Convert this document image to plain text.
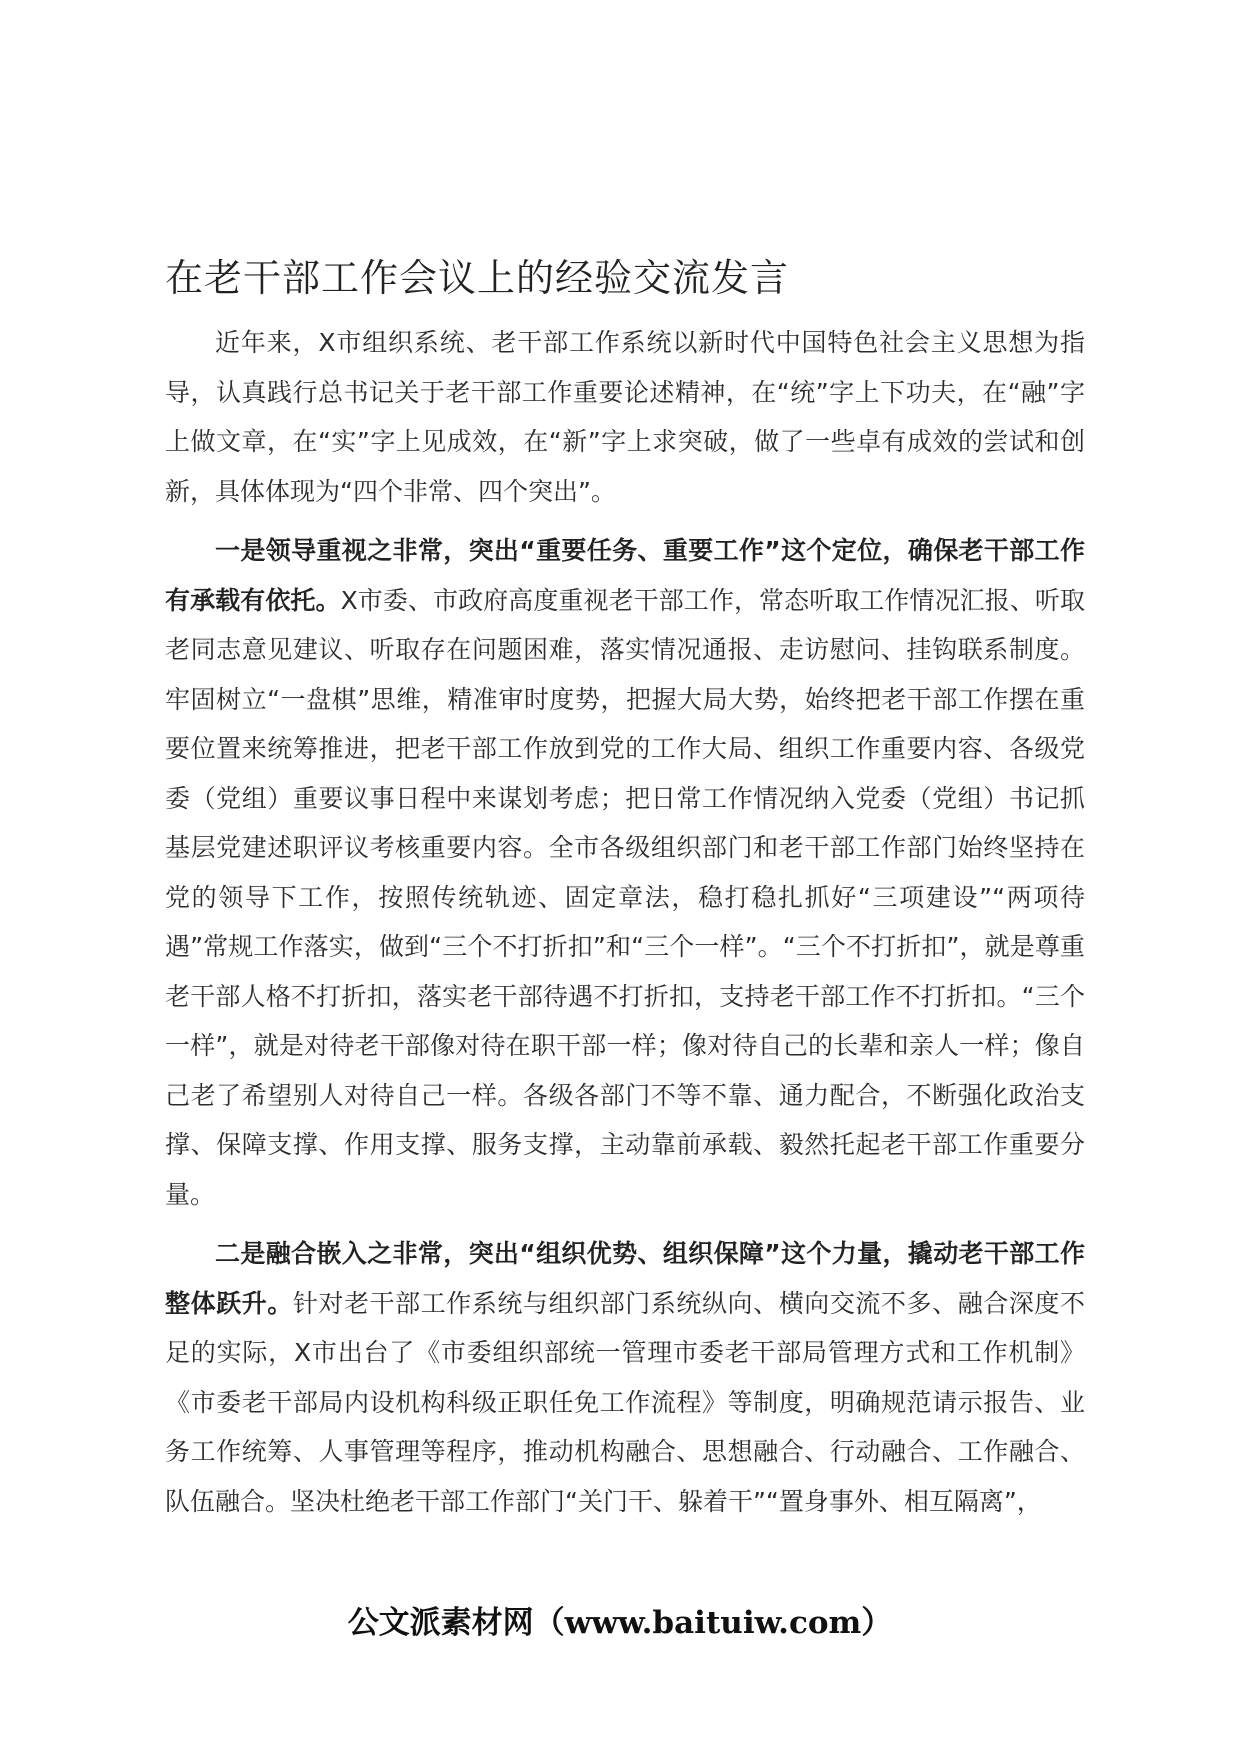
在老干部工作会议上的经验交流发言

近年来，X市组织系统、老干部工作系统以新时代中国特色社会主义思想为指导，认真践行总书记关于老干部工作重要论述精神，在“统”字上下功夫，在“融”字上做文章，在“实”字上见成效，在“新”字上求突破，做了一些卓有成效的尝试和创新，具体体现为“四个非常、四个突出”。

一是领导重视之非常，突出“重要任务、重要工作”这个定位，确保老干部工作有承载有依托。X市委、市政府高度重视老干部工作，常态听取工作情况汇报、听取老同志意见建议、听取存在问题困难，落实情况通报、走访慰问、挂钩联系制度。牢固树立“一盘棋”思维，精准审时度势，把握大局大势，始终把老干部工作摆在重要位置来统筹推进，把老干部工作放到党的工作大局、组织工作重要内容、各级党委（党组）重要议事日程中来谋划考虑；把日常工作情况纳入党委（党组）书记抓基层党建述职评议考核重要内容。全市各级组织部门和老干部工作部门始终坚持在党的领导下工作，按照传统轨迹、固定章法，稳打稳扎抓好“三项建设”“两项待遇”常规工作落实，做到“三个不打折扣”和“三个一样”。“三个不打折扣”，就是尊重老干部人格不打折扣，落实老干部待遇不打折扣，支持老干部工作不打折扣。“三个一样”，就是对待老干部像对待在职干部一样；像对待自己的长辈和亲人一样；像自己老了希望别人对待自己一样。各级各部门不等不靠、通力配合，不断强化政治支撑、保障支撑、作用支撑、服务支撑，主动靠前承载、毅然托起老干部工作重要分量。

二是融合嵌入之非常，突出“组织优势、组织保障”这个力量，撬动老干部工作整体跃升。针对老干部工作系统与组织部门系统纵向、横向交流不多、融合深度不足的实际，X市出台了《市委组织部统一管理市委老干部局管理方式和工作机制》《市委老干部局内设机构科级正职任免工作流程》等制度，明确规范请示报告、业务工作统筹、人事管理等程序，推动机构融合、思想融合、行动融合、工作融合、队伍融合。坚决杜绝老干部工作部门“关门干、躲着干”“置身事外、相互隔离”，

公文派素材网（www.baituiw.com）
